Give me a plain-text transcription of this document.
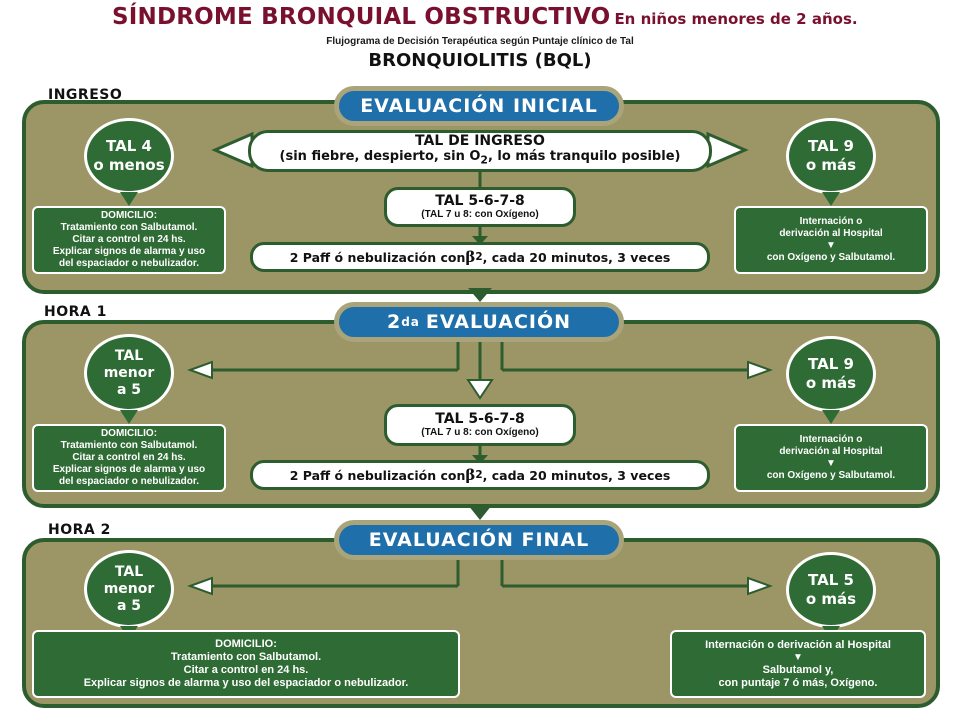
SÍNDROME BRONQUIAL OBSTRUCTIVO En niños menores de 2 años.
Flujograma de Decisión Terapéutica según Puntaje clínico de Tal
BRONQUIOLITIS (BQL)
INGRESO
HORA 1
HORA 2
EVALUACIÓN INICIAL
2 da EVALUACIÓN
EVALUACIÓN FINAL
TAL 4
o menos
DOMICILIO:
Tratamiento con Salbutamol.
Citar a control en 24 hs.
Explicar signos de alarma y uso
del espaciador o nebulizador.
TAL DE INGRESO
(sin fiebre, despierto, $\sin O_2$, lo más tranquilo posible)
TAL 5-6-7-8
(TAL 7 u 8: con Oxígeno)
2 Paff ó nebulización con β 2 , cada 20 minutos, 3 veces
TAL 9
o más
Internación o
derivación al Hospital
▼
con Oxígeno y Salbutamol.
TAL
menor
a 5
DOMICILIO:
Tratamiento con Salbutamol.
Citar a control en 24 hs.
Explicar signos de alarma y uso
del espaciador o nebulizador.
TAL 5-6-7-8
(TAL 7 u 8: con Oxígeno)
2 Paff ó nebulización con β 2 , cada 20 minutos, 3 veces
TAL 9
o más
Internación o
derivación al Hospital
▼
con Oxígeno y Salbutamol.
TAL
menor
a 5
DOMICILIO:
Tratamiento con Salbutamol.
Citar a control en 24 hs.
Explicar signos de alarma y uso del espaciador o nebulizador.
TAL 5
o más
Internación o derivación al Hospital
▼
Salbutamol y,
con puntaje 7 ó más, Oxígeno.
